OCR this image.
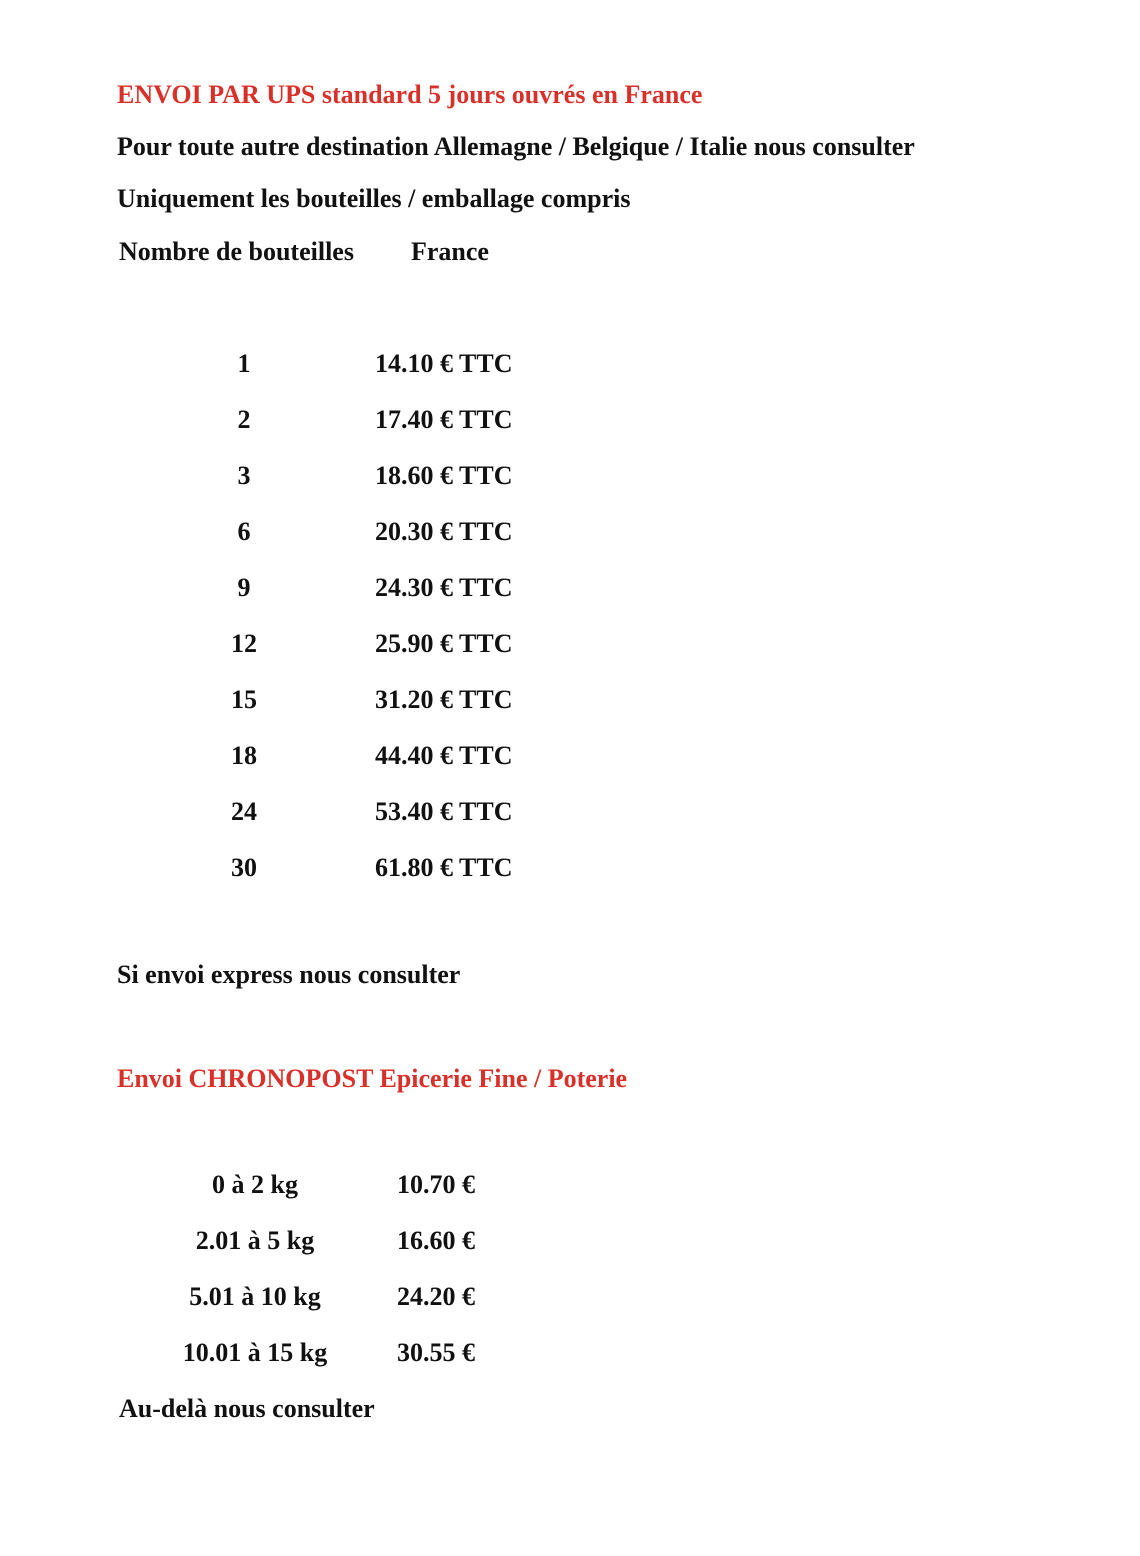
ENVOI PAR UPS standard 5 jours ouvrés en France
Pour toute autre destination Allemagne / Belgique / Italie nous consulter
Uniquement les bouteilles / emballage compris
Nombre de bouteilles France
1	14.10 € TTC
2	17.40 € TTC
3	18.60 € TTC
6	20.30 € TTC
9	24.30 € TTC
12	25.90 € TTC
15	31.20 € TTC
18	44.40 € TTC
24	53.40 € TTC
30	61.80 € TTC
Si envoi express nous consulter
Envoi CHRONOPOST Epicerie Fine / Poterie
0 à 2 kg	10.70 €
2.01 à 5 kg	16.60 €
5.01 à 10 kg	24.20 €
10.01 à 15 kg	30.55 €
Au-delà nous consulter
